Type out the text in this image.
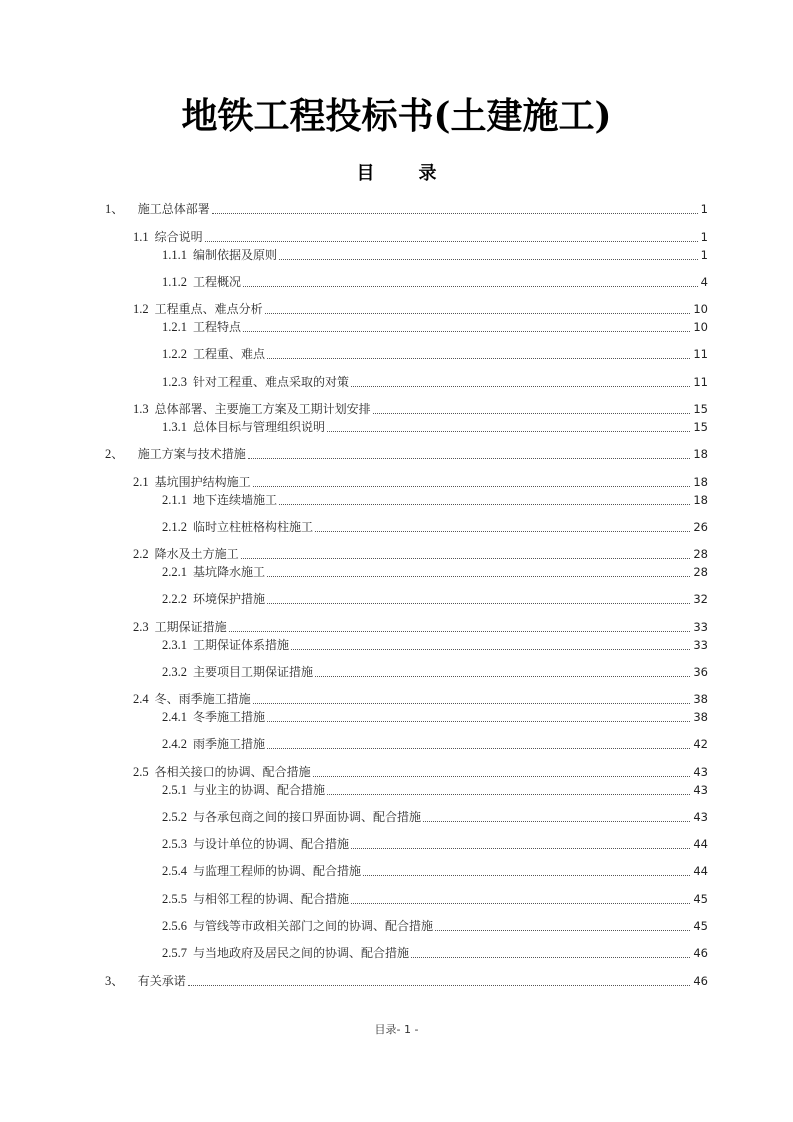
地铁工程投标书(土建施工)
目 录
1、 施工总体部署	1
1.1 综合说明	1
1.1.1 编制依据及原则	1
1.1.2 工程概况	4
1.2 工程重点、难点分析	10
1.2.1 工程特点	10
1.2.2 工程重、难点	11
1.2.3 针对工程重、难点采取的对策	11
1.3 总体部署、主要施工方案及工期计划安排	15
1.3.1 总体目标与管理组织说明	15
2、 施工方案与技术措施	18
2.1 基坑围护结构施工	18
2.1.1 地下连续墙施工	18
2.1.2 临时立柱桩格构柱施工	26
2.2 降水及土方施工	28
2.2.1 基坑降水施工	28
2.2.2 环境保护措施	32
2.3 工期保证措施	33
2.3.1 工期保证体系措施	33
2.3.2 主要项目工期保证措施	36
2.4 冬、雨季施工措施	38
2.4.1 冬季施工措施	38
2.4.2 雨季施工措施	42
2.5 各相关接口的协调、配合措施	43
2.5.1 与业主的协调、配合措施	43
2.5.2 与各承包商之间的接口界面协调、配合措施	43
2.5.3 与设计单位的协调、配合措施	44
2.5.4 与监理工程师的协调、配合措施	44
2.5.5 与相邻工程的协调、配合措施	45
2.5.6 与管线等市政相关部门之间的协调、配合措施	45
2.5.7 与当地政府及居民之间的协调、配合措施	46
3、 有关承诺	46
目录- 1 -
